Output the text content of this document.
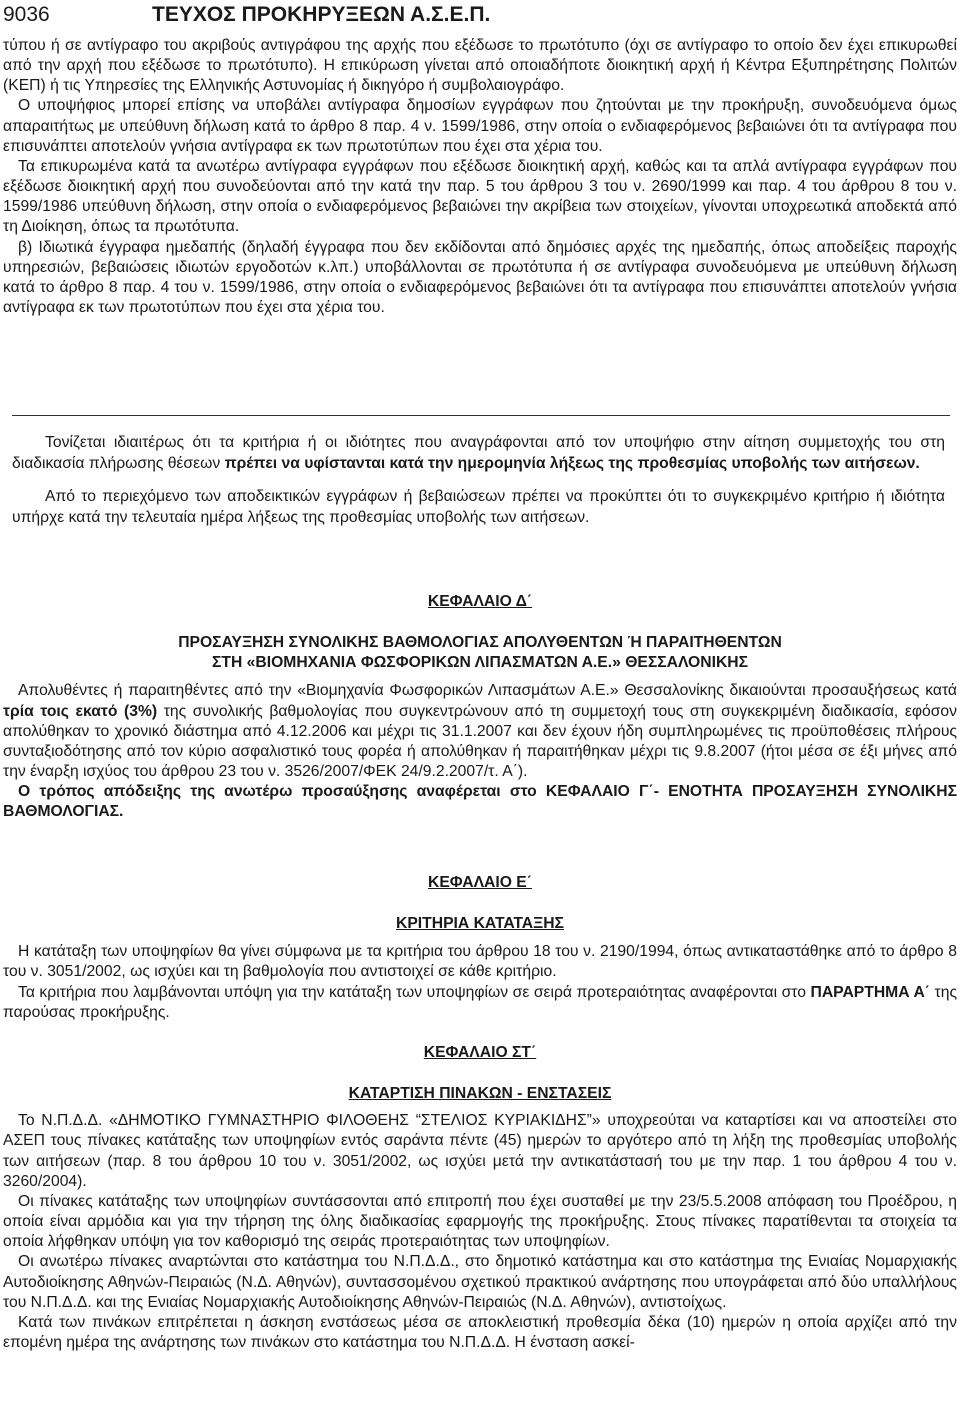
9036	ΤΕΥΧΟΣ ΠΡΟΚΗΡΥΞΕΩΝ Α.Σ.Ε.Π.

τύπου ή σε αντίγραφο του ακριβούς αντιγράφου της αρχής που εξέδωσε το πρωτότυπο (όχι σε αντίγραφο το οποίο δεν έχει επικυρωθεί από την αρχή που εξέδωσε το πρωτότυπο). Η επικύρωση γίνεται από οποιαδήποτε διοικητική αρχή ή Κέντρα Εξυπηρέτησης Πολιτών (ΚΕΠ) ή τις Υπηρεσίες της Ελληνικής Αστυνομίας ή δικηγόρο ή συμβολαιογράφο.

Ο υποψήφιος μπορεί επίσης να υποβάλει αντίγραφα δημοσίων εγγράφων που ζητούνται με την προκήρυξη, συνοδευόμενα όμως απαραιτήτως με υπεύθυνη δήλωση κατά το άρθρο 8 παρ. 4 ν. 1599/1986, στην οποία ο ενδιαφερόμενος βεβαιώνει ότι τα αντίγραφα που επισυνάπτει αποτελούν γνήσια αντίγραφα εκ των πρωτοτύπων που έχει στα χέρια του.

Τα επικυρωμένα κατά τα ανωτέρω αντίγραφα εγγράφων που εξέδωσε διοικητική αρχή, καθώς και τα απλά αντίγραφα εγγράφων που εξέδωσε διοικητική αρχή που συνοδεύονται από την κατά την παρ. 5 του άρθρου 3 του ν. 2690/1999 και παρ. 4 του άρθρου 8 του ν. 1599/1986 υπεύθυνη δήλωση, στην οποία ο ενδιαφερόμενος βεβαιώνει την ακρίβεια των στοιχείων, γίνονται υποχρεωτικά αποδεκτά από τη Διοίκηση, όπως τα πρωτότυπα.

β) Ιδιωτικά έγγραφα ημεδαπής (δηλαδή έγγραφα που δεν εκδίδονται από δημόσιες αρχές της ημεδαπής, όπως αποδείξεις παροχής υπηρεσιών, βεβαιώσεις ιδιωτών εργοδοτών κ.λπ.) υποβάλλονται σε πρωτότυπα ή σε αντίγραφα συνοδευόμενα με υπεύθυνη δήλωση κατά το άρθρο 8 παρ. 4 του ν. 1599/1986, στην οποία ο ενδιαφερόμενος βεβαιώνει ότι τα αντίγραφα που επισυνάπτει αποτελούν γνήσια αντίγραφα εκ των πρωτοτύπων που έχει στα χέρια του.

Τονίζεται ιδιαιτέρως ότι τα κριτήρια ή οι ιδιότητες που αναγράφονται από τον υποψήφιο στην αίτηση συμμετοχής του στη διαδικασία πλήρωσης θέσεων πρέπει να υφίστανται κατά την ημερομηνία λήξεως της προθεσμίας υποβολής των αιτήσεων.

Από το περιεχόμενο των αποδεικτικών εγγράφων ή βεβαιώσεων πρέπει να προκύπτει ότι το συγκεκριμένο κριτήριο ή ιδιότητα υπήρχε κατά την τελευταία ημέρα λήξεως της προθεσμίας υποβολής των αιτήσεων.

ΚΕΦΑΛΑΙΟ Δ΄
ΠΡΟΣΑΥΞΗΣΗ ΣΥΝΟΛΙΚΗΣ ΒΑΘΜΟΛΟΓΙΑΣ ΑΠΟΛΥΘΕΝΤΩΝ Ή ΠΑΡΑΙΤΗΘΕΝΤΩΝ
ΣΤΗ «ΒΙΟΜΗΧΑΝΙΑ ΦΩΣΦΟΡΙΚΩΝ ΛΙΠΑΣΜΑΤΩΝ Α.Ε.» ΘΕΣΣΑΛΟΝΙΚΗΣ

Απολυθέντες ή παραιτηθέντες από την «Βιομηχανία Φωσφορικών Λιπασμάτων Α.Ε.» Θεσσαλονίκης δικαιούνται προσαυξήσεως κατά τρία τοις εκατό (3%) της συνολικής βαθμολογίας που συγκεντρώνουν από τη συμμετοχή τους στη συγκεκριμένη διαδικασία, εφόσον απολύθηκαν το χρονικό διάστημα από 4.12.2006 και μέχρι τις 31.1.2007 και δεν έχουν ήδη συμπληρωμένες τις προϋποθέσεις πλήρους συνταξιοδότησης από τον κύριο ασφαλιστικό τους φορέα ή απολύθηκαν ή παραιτήθηκαν μέχρι τις 9.8.2007 (ήτοι μέσα σε έξι μήνες από την έναρξη ισχύος του άρθρου 23 του ν. 3526/2007/ΦΕΚ 24/9.2.2007/τ. Α΄).

Ο τρόπος απόδειξης της ανωτέρω προσαύξησης αναφέρεται στο ΚΕΦΑΛΑΙΟ Γ΄- ΕΝΟΤΗΤΑ ΠΡΟΣΑΥΞΗΣΗ ΣΥΝΟΛΙΚΗΣ ΒΑΘΜΟΛΟΓΙΑΣ.

ΚΕΦΑΛΑΙΟ Ε΄
ΚΡΙΤΗΡΙΑ ΚΑΤΑΤΑΞΗΣ

Η κατάταξη των υποψηφίων θα γίνει σύμφωνα με τα κριτήρια του άρθρου 18 του ν. 2190/1994, όπως αντικαταστάθηκε από το άρθρο 8 του ν. 3051/2002, ως ισχύει και τη βαθμολογία που αντιστοιχεί σε κάθε κριτήριο.

Τα κριτήρια που λαμβάνονται υπόψη για την κατάταξη των υποψηφίων σε σειρά προτεραιότητας αναφέρονται στο ΠΑΡΑΡΤΗΜΑ Α΄ της παρούσας προκήρυξης.

ΚΕΦΑΛΑΙΟ ΣΤ΄
ΚΑΤΑΡΤΙΣΗ ΠΙΝΑΚΩΝ - ΕΝΣΤΑΣΕΙΣ

Το Ν.Π.Δ.Δ. «ΔΗΜΟΤΙΚΟ ΓΥΜΝΑΣΤΗΡΙΟ ΦΙΛΟΘΕΗΣ “ΣΤΕΛΙΟΣ ΚΥΡΙΑΚΙΔΗΣ”» υποχρεούται να καταρτίσει και να αποστείλει στο ΑΣΕΠ τους πίνακες κατάταξης των υποψηφίων εντός σαράντα πέντε (45) ημερών το αργότερο από τη λήξη της προθεσμίας υποβολής των αιτήσεων (παρ. 8 του άρθρου 10 του ν. 3051/2002, ως ισχύει μετά την αντικατάστασή του με την παρ. 1 του άρθρου 4 του ν. 3260/2004).

Οι πίνακες κατάταξης των υποψηφίων συντάσσονται από επιτροπή που έχει συσταθεί με την 23/5.5.2008 απόφαση του Προέδρου, η οποία είναι αρμόδια και για την τήρηση της όλης διαδικασίας εφαρμογής της προκήρυξης. Στους πίνακες παρατίθενται τα στοιχεία τα οποία λήφθηκαν υπόψη για τον καθορισμό της σειράς προτεραιότητας των υποψηφίων.

Οι ανωτέρω πίνακες αναρτώνται στο κατάστημα του Ν.Π.Δ.Δ., στο δημοτικό κατάστημα και στο κατάστημα της Ενιαίας Νομαρχιακής Αυτοδιοίκησης Αθηνών-Πειραιώς (Ν.Δ. Αθηνών), συντασσομένου σχετικού πρακτικού ανάρτησης που υπογράφεται από δύο υπαλλήλους του Ν.Π.Δ.Δ. και της Ενιαίας Νομαρχιακής Αυτοδιοίκησης Αθηνών-Πειραιώς (Ν.Δ. Αθηνών), αντιστοίχως.

Κατά των πινάκων επιτρέπεται η άσκηση ενστάσεως μέσα σε αποκλειστική προθεσμία δέκα (10) ημερών η οποία αρχίζει από την επομένη ημέρα της ανάρτησης των πινάκων στο κατάστημα του Ν.Π.Δ.Δ. Η ένσταση ασκεί-
